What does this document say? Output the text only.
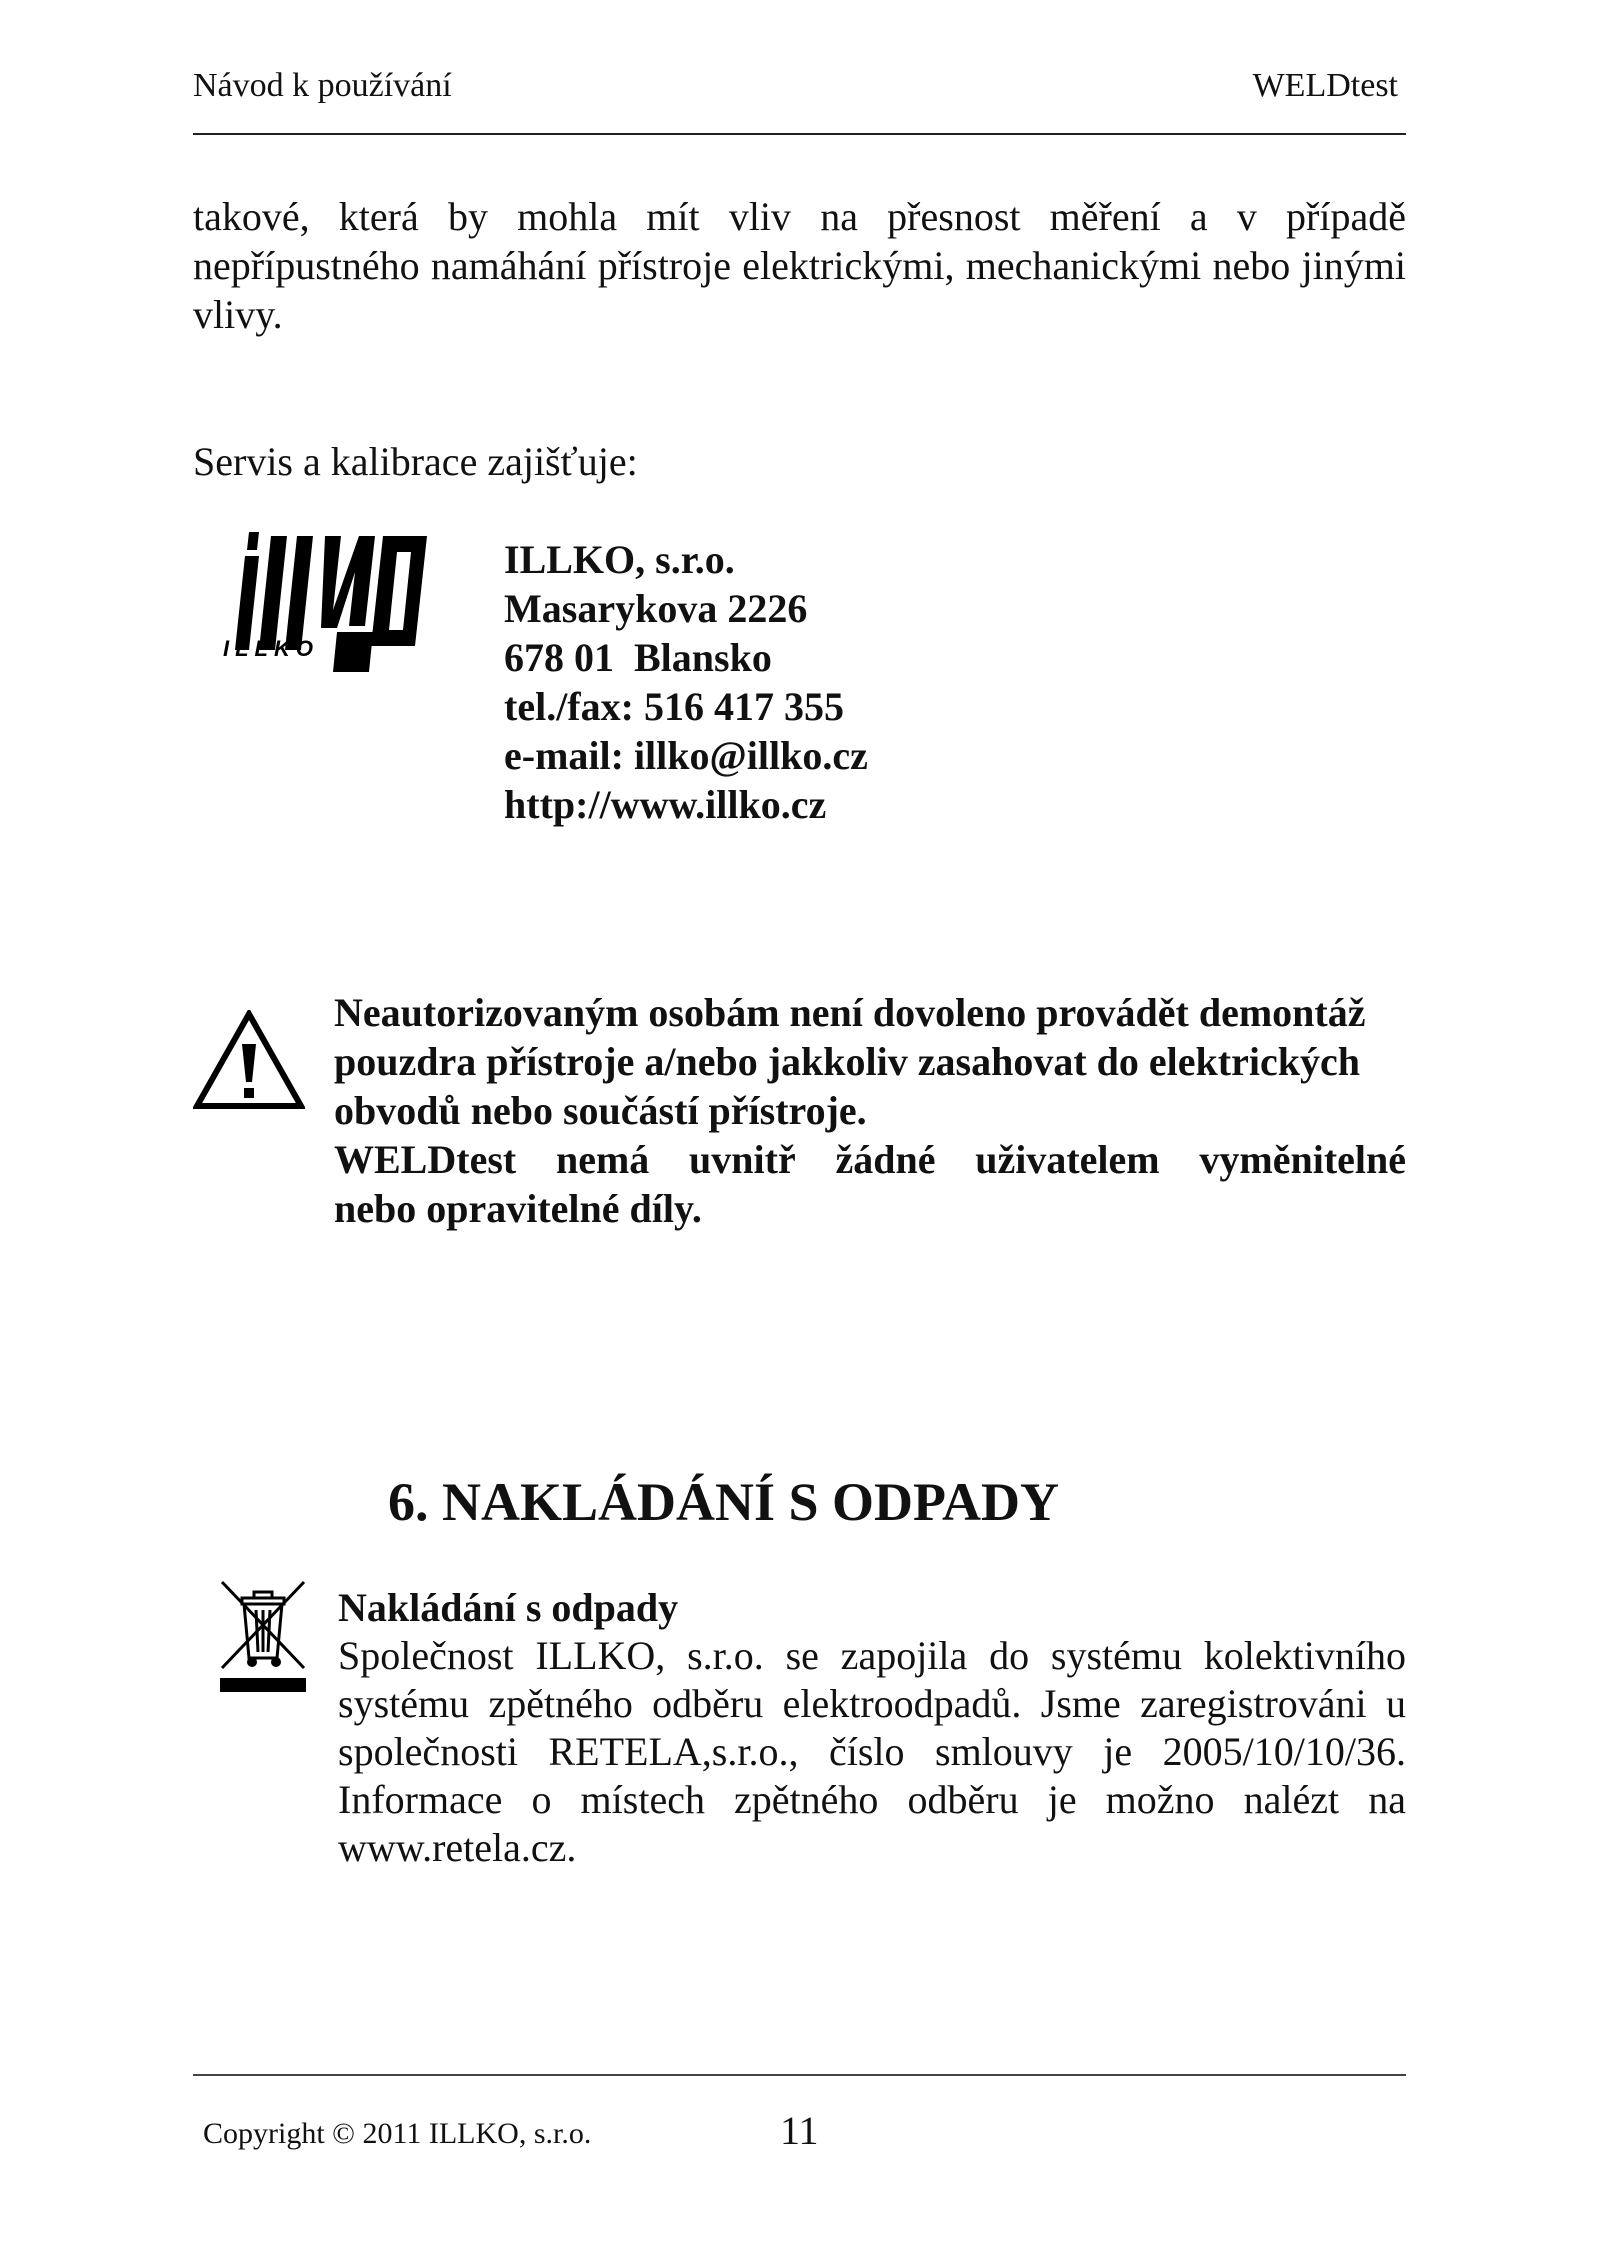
Návod k používání	WELDtest

takové, která by mohla mít vliv na přesnost měření a v případě nepřípustného namáhání přístroje elektrickými, mechanickými nebo jinými vlivy.

Servis a kalibrace zajišťuje:

ILLKO
ILLKO, s.r.o.
Masarykova 2226
678 01  Blansko
tel./fax: 516 417 355
e-mail: illko@illko.cz
http://www.illko.cz

Neautorizovaným osobám není dovoleno provádět demontáž pouzdra přístroje a/nebo jakkoliv zasahovat do elektrických obvodů nebo součástí přístroje.

WELDtest nemá uvnitř žádné uživatelem vyměnitelné

nebo opravitelné díly.

6. NAKLÁDÁNÍ S ODPADY

Nakládání s odpady

Společnost ILLKO, s.r.o. se zapojila do systému kolektivního systému zpětného odběru elektroodpadů. Jsme zaregistrováni u společnosti RETELA,s.r.o., číslo smlouvy je 2005/10/10/36. Informace o místech zpětného odběru je možno nalézt na www.retela.cz.

Copyright © 2011 ILLKO, s.r.o.	11
